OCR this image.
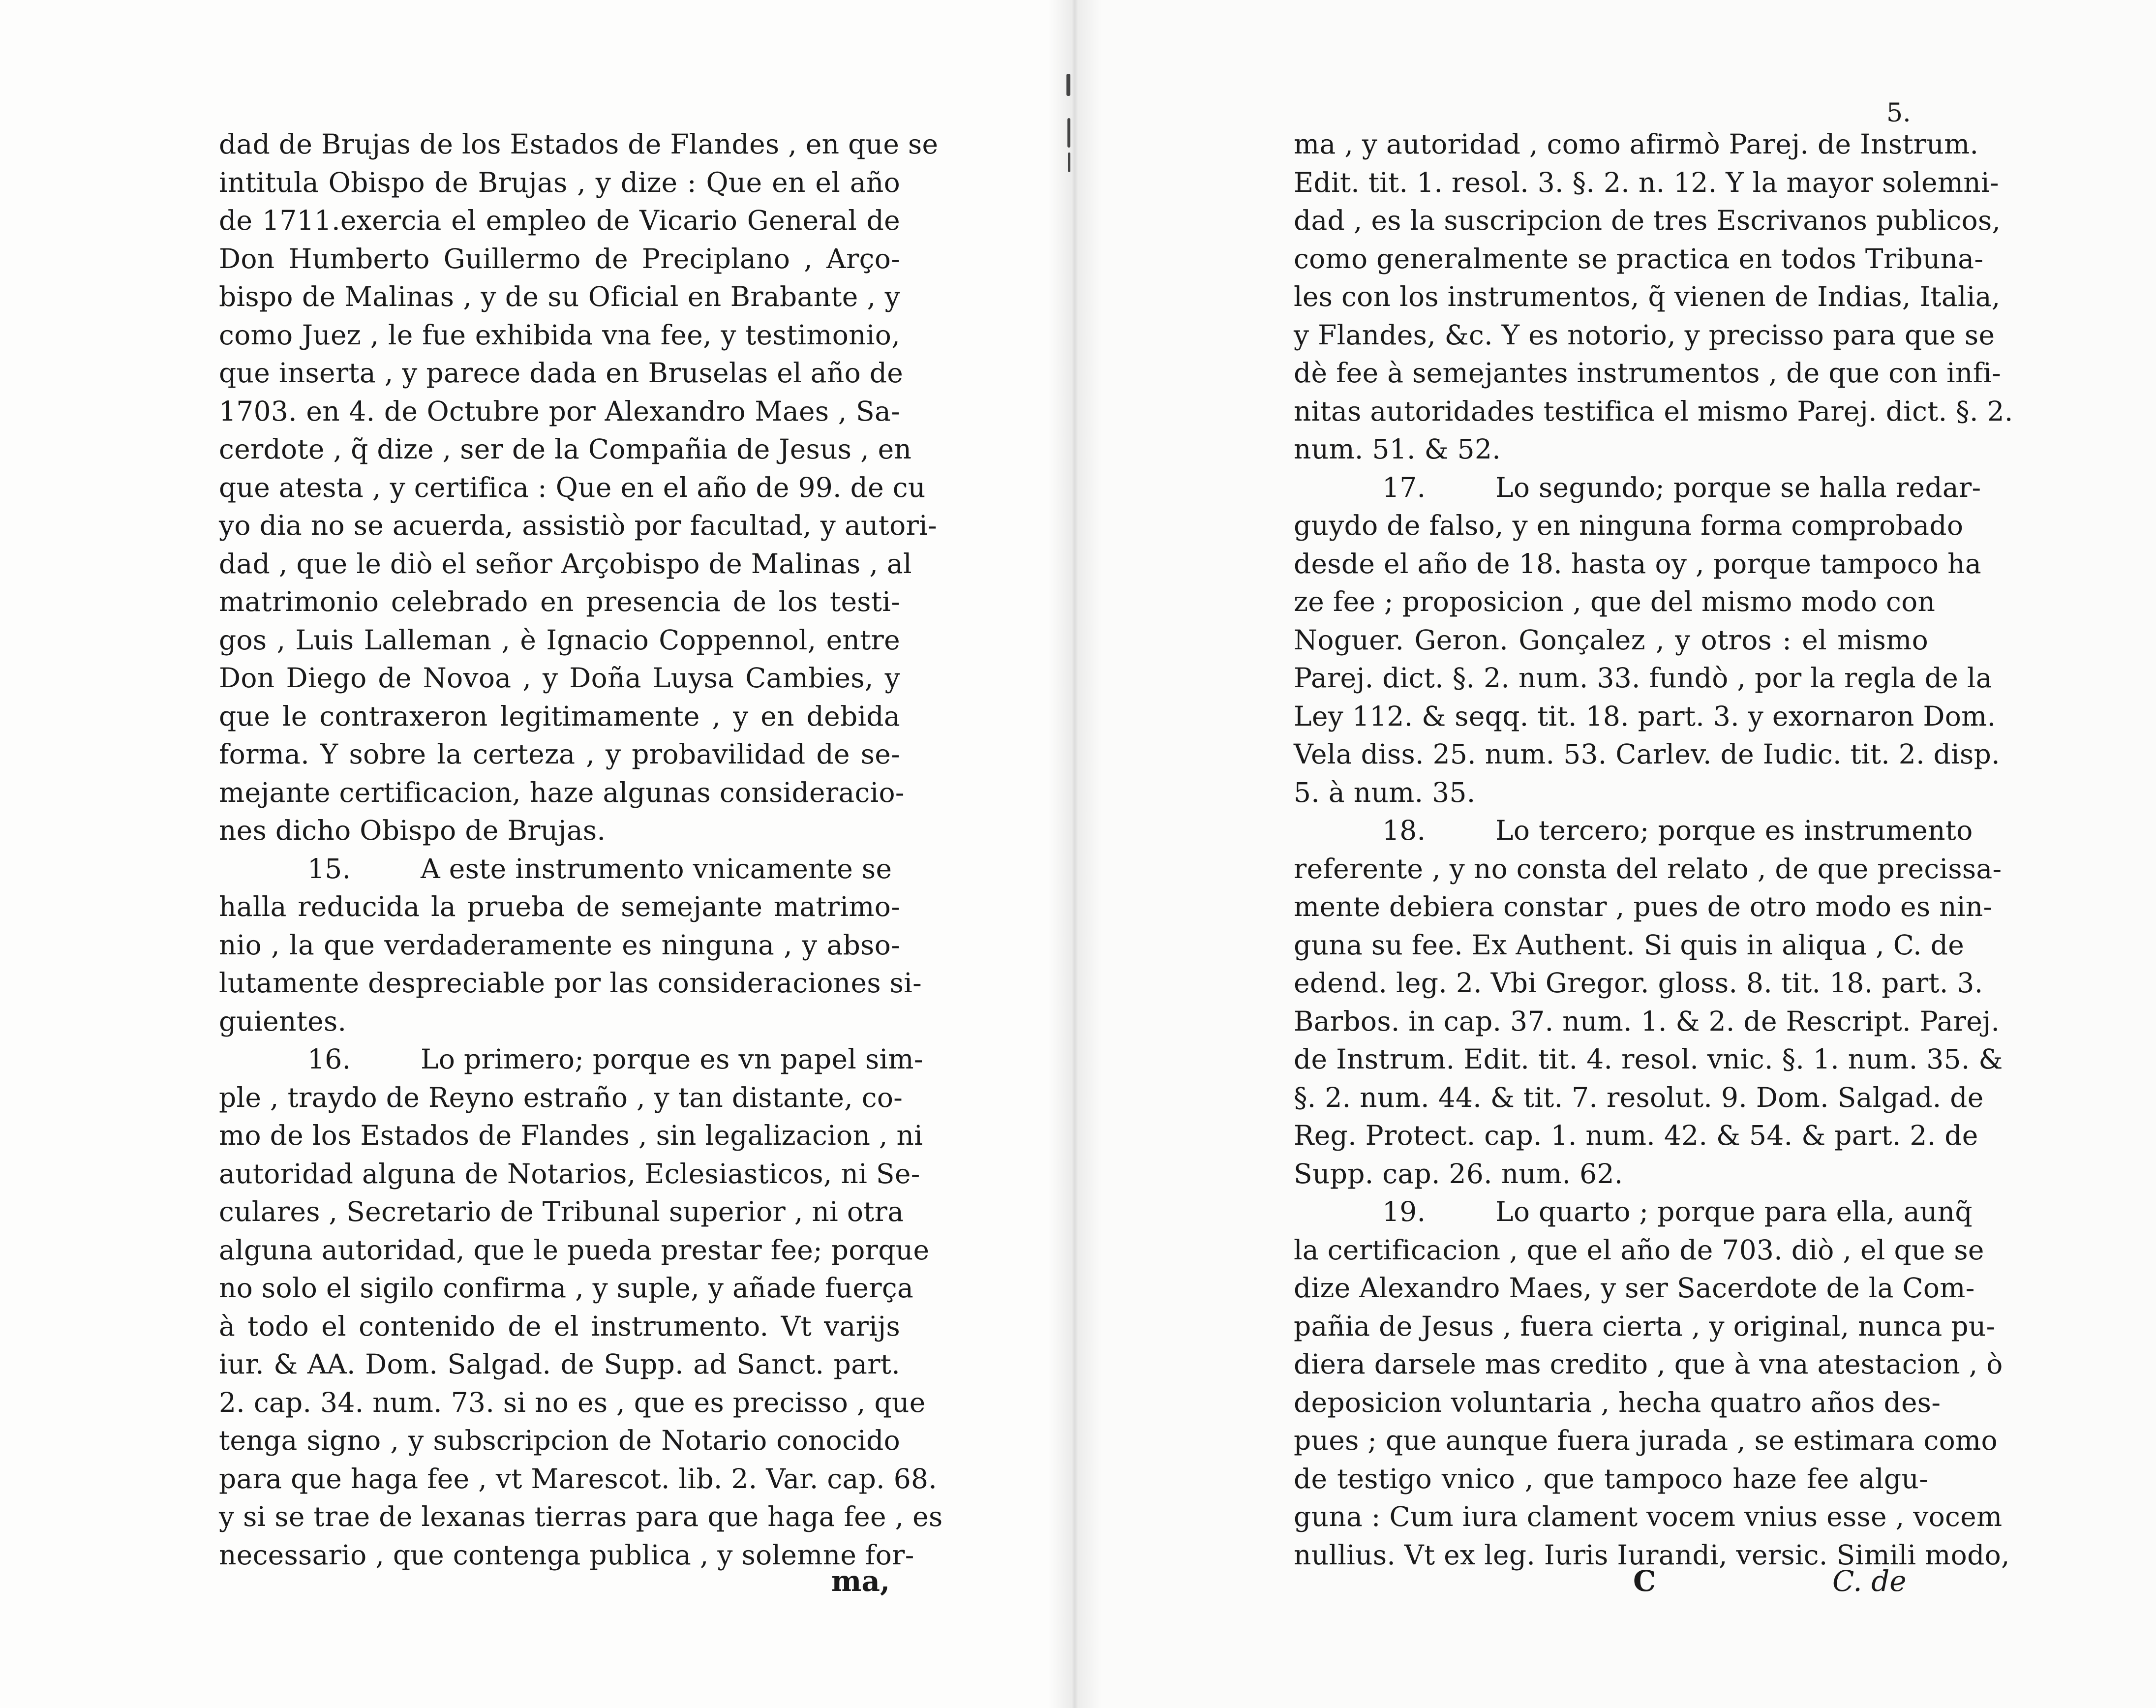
dad de Brujas de los Estados de Flandes , en que se
intitula Obispo de Brujas , y dize : Que en el año
de 1711.exercia el empleo de Vicario General de
Don Humberto Guillermo de Preciplano , Arço-
bispo de Malinas , y de su Oficial en Brabante , y
como Juez , le fue exhibida vna fee, y testimonio,
que inserta , y parece dada en Bruselas el año de
1703. en 4. de Octubre por Alexandro Maes , Sa-
cerdote , q̃ dize , ser de la Compañia de Jesus , en
que atesta , y certifica : Que en el año de 99. de cu
yo dia no se acuerda, assistiò por facultad, y autori-
dad , que le diò el señor Arçobispo de Malinas , al
matrimonio celebrado en presencia de los testi-
gos , Luis Lalleman , è Ignacio Coppennol, entre
Don Diego de Novoa , y Doña Luysa Cambies, y
que le contraxeron legitimamente , y en debida
forma. Y sobre la certeza , y probavilidad de se-
mejante certificacion, haze algunas consideracio-
nes dicho Obispo de Brujas.
15.	A este instrumento vnicamente se
halla reducida la prueba de semejante matrimo-
nio , la que verdaderamente es ninguna , y abso-
lutamente despreciable por las consideraciones si-
guientes.
16.	Lo primero; porque es vn papel sim-
ple , traydo de Reyno estraño , y tan distante, co-
mo de los Estados de Flandes , sin legalizacion , ni
autoridad alguna de Notarios, Eclesiasticos, ni Se-
culares , Secretario de Tribunal superior , ni otra
alguna autoridad, que le pueda prestar fee; porque
no solo el sigilo confirma , y suple, y añade fuerça
à todo el contenido de el instrumento. Vt varijs
iur. & AA. Dom. Salgad. de Supp. ad Sanct. part.
2. cap. 34. num. 73. si no es , que es precisso , que
tenga signo , y subscripcion de Notario conocido
para que haga fee , vt Marescot. lib. 2. Var. cap. 68.
y si se trae de lexanas tierras para que haga fee , es
necessario , que contenga publica , y solemne for-
ma,
5.
ma , y autoridad , como afirmò Parej. de Instrum.
Edit. tit. 1. resol. 3. §. 2. n. 12. Y la mayor solemni-
dad , es la suscripcion de tres Escrivanos publicos,
como generalmente se practica en todos Tribuna-
les con los instrumentos, q̃ vienen de Indias, Italia,
y Flandes, &c. Y es notorio, y precisso para que se
dè fee à semejantes instrumentos , de que con infi-
nitas autoridades testifica el mismo Parej. dict. §. 2.
num. 51. & 52.
17.	Lo segundo; porque se halla redar-
guydo de falso, y en ninguna forma comprobado
desde el año de 18. hasta oy , porque tampoco ha
ze fee ; proposicion , que del mismo modo con
Noguer. Geron. Gonçalez , y otros : el mismo
Parej. dict. §. 2. num. 33. fundò , por la regla de la
Ley 112. & seqq. tit. 18. part. 3. y exornaron Dom.
Vela diss. 25. num. 53. Carlev. de Iudic. tit. 2. disp.
5. à num. 35.
18.	Lo tercero; porque es instrumento
referente , y no consta del relato , de que precissa-
mente debiera constar , pues de otro modo es nin-
guna su fee. Ex Authent. Si quis in aliqua , C. de
edend. leg. 2. Vbi Gregor. gloss. 8. tit. 18. part. 3.
Barbos. in cap. 37. num. 1. & 2. de Rescript. Parej.
de Instrum. Edit. tit. 4. resol. vnic. §. 1. num. 35. &
§. 2. num. 44. & tit. 7. resolut. 9. Dom. Salgad. de
Reg. Protect. cap. 1. num. 42. & 54. & part. 2. de
Supp. cap. 26. num. 62.
19.	Lo quarto ; porque para ella, aunq̃
la certificacion , que el año de 703. diò , el que se
dize Alexandro Maes, y ser Sacerdote de la Com-
pañia de Jesus , fuera cierta , y original, nunca pu-
diera darsele mas credito , que à vna atestacion , ò
deposicion voluntaria , hecha quatro años des-
pues ; que aunque fuera jurada , se estimara como
de testigo vnico , que tampoco haze fee algu-
guna : Cum iura clament vocem vnius esse , vocem
nullius. Vt ex leg. Iuris Iurandi, versic. Simili modo,
C	C. de
